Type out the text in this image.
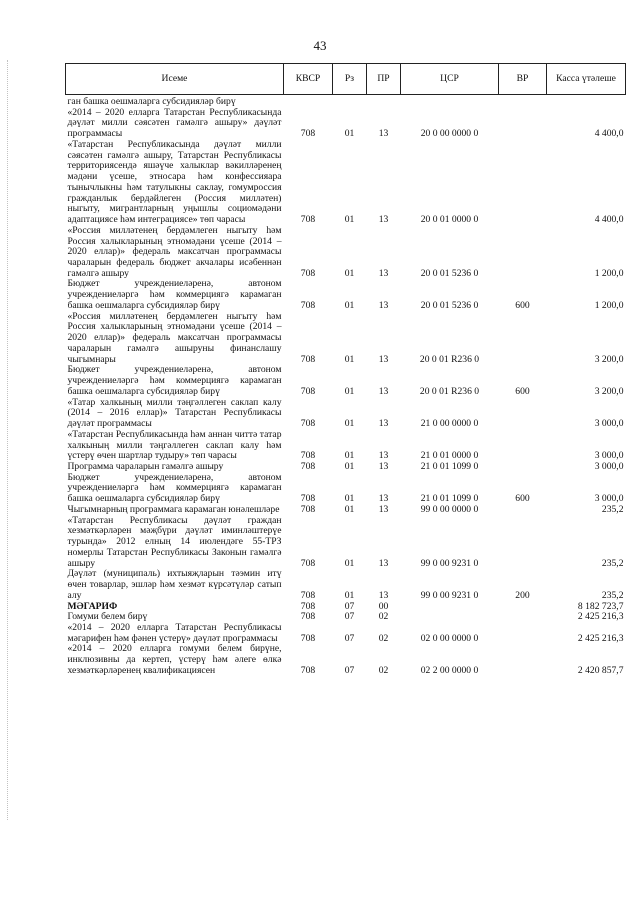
43
Исеме	КВСР	Рз	ПР	ЦСР	ВР	Касса үтәлеше
ган башка оешмаларга субсидияләр бирү						
«2014 – 2020 елларга Татарстан Республикасында дәүләт милли сәясәтен гамәлгә ашыру» дәүләт программасы	708	01	13	20 0 00 0000 0		4 400,0
«Татарстан Республикасында дәүләт милли сәясәтен гамәлгә ашыру, Татарстан Республикасы территориясендә яшәүче халыклар вәкилләренең мәдәни үсеше, этносара һәм конфессияара тынычлыкны һәм татулыкны саклау, гомумроссия гражданлык бердәйлеген (Россия милләтен) ныгыту, мигрантларның уңышлы социомәдәни адаптациясе һәм интеграциясе» төп чарасы	708	01	13	20 0 01 0000 0		4 400,0
«Россия милләтенең бердәмлеген ныгыту һәм Россия халыкларының этномәдәни үсеше (2014 – 2020 еллар)» федераль максатчан программасы чараларын федераль бюджет акчалары исәбеннән гамәлгә ашыру	708	01	13	20 0 01 5236 0		1 200,0
Бюджет учреждениеләренә, автоном учреждениеләргә һәм коммерциягә карамаган башка оешмаларга субсидияләр бирү	708	01	13	20 0 01 5236 0	600	1 200,0
«Россия милләтенең бердәмлеген ныгыту һәм Россия халыкларының этномәдәни үсеше (2014 – 2020 еллар)» федераль максатчан программасы чараларын гамәлгә ашыруны финанслашу чыгымнары	708	01	13	20 0 01 R236 0		3 200,0
Бюджет учреждениеләренә, автоном учреждениеләргә һәм коммерциягә карамаган башка оешмаларга субсидияләр бирү	708	01	13	20 0 01 R236 0	600	3 200,0
«Татар халкының милли тәңгәллеген саклап калу (2014 – 2016 еллар)» Татарстан Республикасы дәүләт программасы	708	01	13	21 0 00 0000 0		3 000,0
«Татарстан Республикасында һәм аннан читтә татар халкының милли тәңгәллеген саклап калу һәм үстерү өчен шартлар тудыру» төп чарасы	708	01	13	21 0 01 0000 0		3 000,0
Программа чараларын гамәлгә ашыру	708	01	13	21 0 01 1099 0		3 000,0
Бюджет учреждениеләренә, автоном учреждениеләргә һәм коммерциягә карамаган башка оешмаларга субсидияләр бирү	708	01	13	21 0 01 1099 0	600	3 000,0
Чыгымнарның программага карамаган юнәлешләре	708	01	13	99 0 00 0000 0		235,2
«Татарстан Республикасы дәүләт граждан хезмәткәрләрен мәҗбүри дәүләт иминләштерүе турында» 2012 елның 14 июлендәге 55-ТРЗ номерлы Татарстан Республикасы Законын гамәлгә ашыру	708	01	13	99 0 00 9231 0		235,2
Дәүләт (муниципаль) ихтыяҗларын тәэмин итү өчен товарлар, эшләр һәм хезмәт күрсәтүләр сатып алу	708	01	13	99 0 00 9231 0	200	235,2
МӘГАРИФ	708	07	00			8 182 723,7
Гомуми белем бирү	708	07	02			2 425 216,3
«2014 – 2020 елларга Татарстан Республикасы мәгарифен һәм фәнен үстерү» дәүләт программасы	708	07	02	02 0 00 0000 0		2 425 216,3
«2014 – 2020 елларга гомуми белем бирүне, инклюзивны да кертеп, үстерү һәм әлеге өлкә хезмәткәрләренең квалификациясен	708	07	02	02 2 00 0000 0		2 420 857,7
